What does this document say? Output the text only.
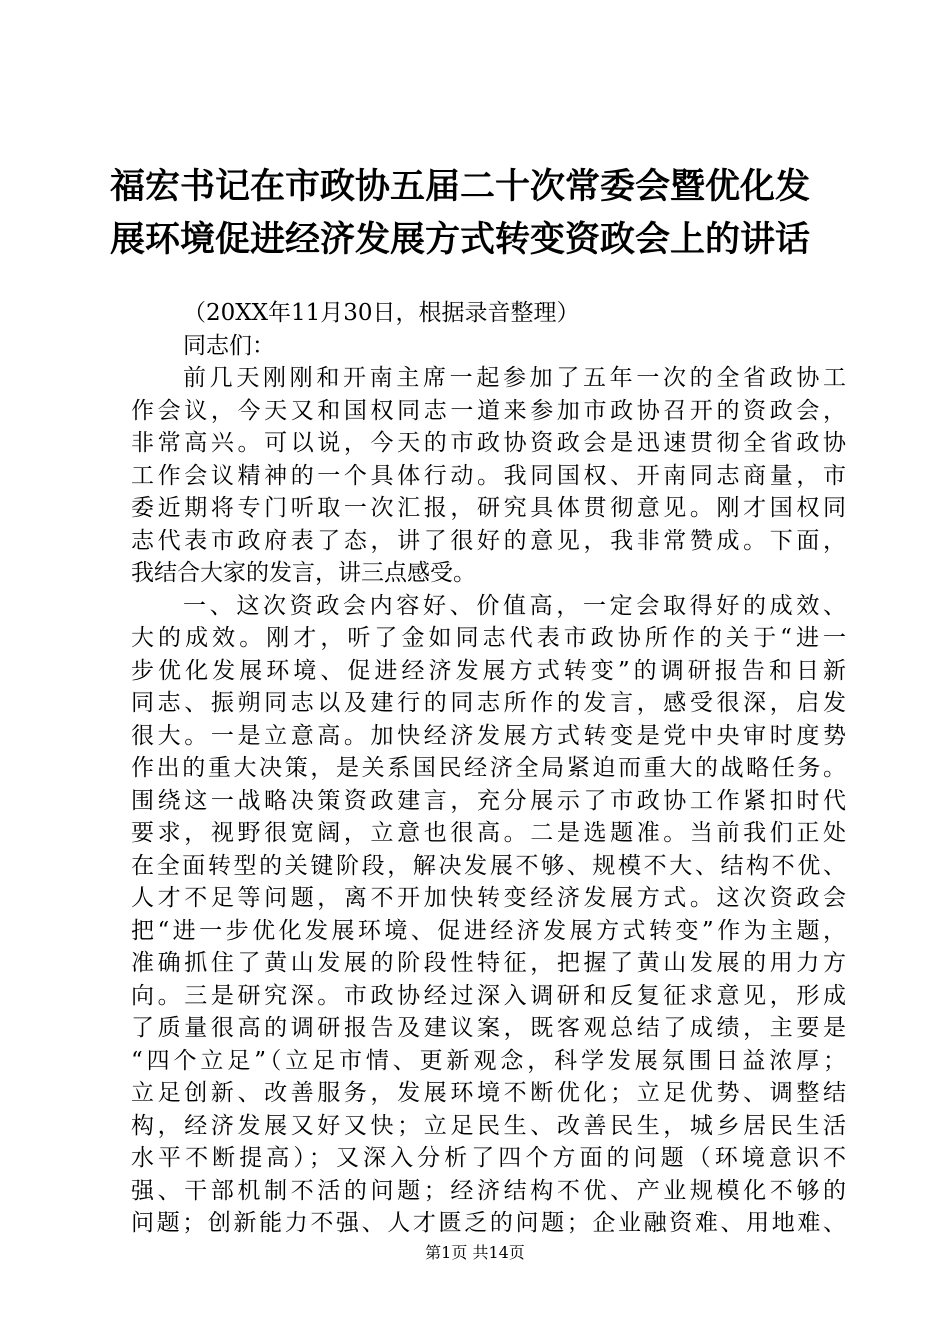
福宏书记在市政协五届二十次常委会暨优化发
展环境促进经济发展方式转变资政会上的讲话
（20XX年11月30日，根据录音整理）
同志们：
前几天刚刚和开南主席一起参加了五年一次的全省政协工
作会议，今天又和国权同志一道来参加市政协召开的资政会，
非常高兴。可以说，今天的市政协资政会是迅速贯彻全省政协
工作会议精神的一个具体行动。我同国权、开南同志商量，市
委近期将专门听取一次汇报，研究具体贯彻意见。刚才国权同
志代表市政府表了态，讲了很好的意见，我非常赞成。下面，
我结合大家的发言，讲三点感受。
一、这次资政会内容好、价值高，一定会取得好的成效、
大的成效。刚才，听了金如同志代表市政协所作的关于“进一
步优化发展环境、促进经济发展方式转变”的调研报告和日新
同志、振朔同志以及建行的同志所作的发言，感受很深，启发
很大。一是立意高。加快经济发展方式转变是党中央审时度势
作出的重大决策，是关系国民经济全局紧迫而重大的战略任务。
围绕这一战略决策资政建言，充分展示了市政协工作紧扣时代
要求，视野很宽阔，立意也很高。二是选题准。当前我们正处
在全面转型的关键阶段，解决发展不够、规模不大、结构不优、
人才不足等问题，离不开加快转变经济发展方式。这次资政会
把“进一步优化发展环境、促进经济发展方式转变”作为主题，
准确抓住了黄山发展的阶段性特征，把握了黄山发展的用力方
向。三是研究深。市政协经过深入调研和反复征求意见，形成
了质量很高的调研报告及建议案，既客观总结了成绩，主要是
“四个立足”（立足市情、更新观念，科学发展氛围日益浓厚；
立足创新、改善服务，发展环境不断优化；立足优势、调整结
构，经济发展又好又快；立足民生、改善民生，城乡居民生活
水平不断提高）；又深入分析了四个方面的问题（环境意识不
强、干部机制不活的问题；经济结构不优、产业规模化不够的
问题；创新能力不强、人才匮乏的问题；企业融资难、用地难、
第1页 共14页
